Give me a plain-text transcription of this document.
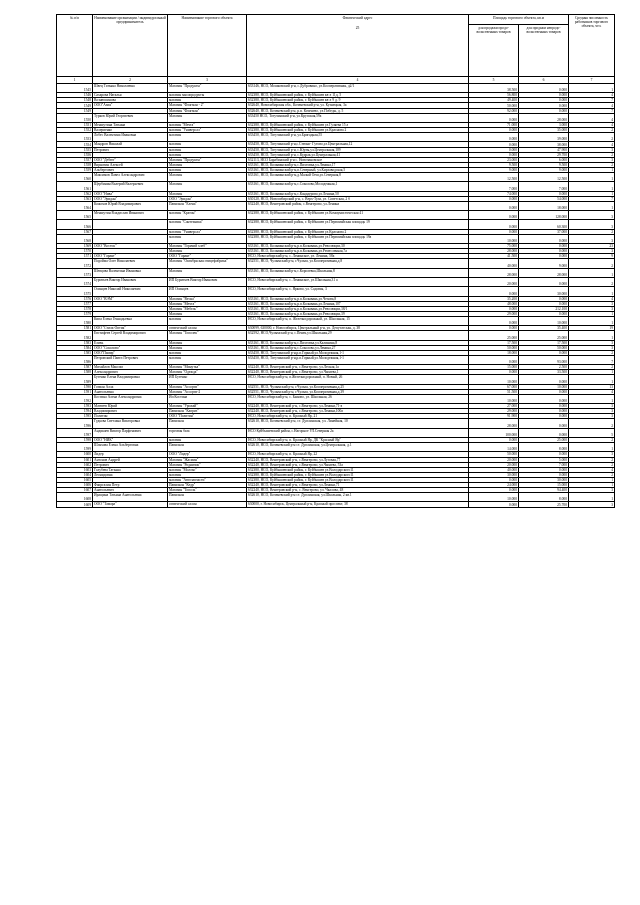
№ п/п	Наименование организации / индивидуальный предприниматель	Наименование торгового объекта	Фактический адрес
25	Площадь торгового объекта, кв.м		Средняя численность работников торгового объекта, чел.
				для продажи продо-вольственных товаров	для продажи непродо-вольственных товаров	
1	2	3	4	5	6	7
1545	Швец Татьяна Николаевна	Магазин "Продукты"	633146, НСО, Мошковский р-н, с.Дубровино, ул.Кооперативная, д2/1	38.500	0.000	1
1546	Сахарова Наталья	магазин мясопродукты	632380, НСО, Куйбышевский район, г. Куйбышев кв-л 11д, 5	56.800	0.000	4
1548	Вознюшинова	магазин	632380, НСО, Куйбышевский район, г. Куйбышев кв-л 9 д. 9	49.400	0.000	7
1549	ООО"Азия"	Магазин "Флагман - 2"	632640, Новосибирская обл., Коченевский р-н, ул. Кузнецкая, 3а	50.000	0.000	4
1549		Магазин "Флагман"	632640, НСО, Коченевский р-н, р.п. Коченево, ул.Победы, д. 5	92.000	0.000	7
1550	Турков Юрий Георгиевич	Магазин	633450 НСО, Тогучинский р-н, ул.Крупская,59а	0.000	28.000	4
1551	Меншутина Татьяна	магазин "Мечта"	632380, НСО, Куйбышевский район, г. Куйбышев ул.Гуляева 15 а	71.000	3.000	4
1552	Валериенко	магазин "Универсал"	632380, НСО, Куйбышевский район, г. Куйбышев ул.Краснова 2	0.000	35.000	2
1553	Лобес Валентина Ивановна	магазин	633450, НСО, Тогучинский р-н, ул.Бригадная,55	0.000	39.000	2
1554	Мандров Николай	магазин	633450, НСО, Тогучинский р-н,с.Степно- Гутово,ул.Центральная,12	0.000	38.000	4
1555	Петрович	магазин	633450, НСО, Тогучинский р-н, с.Юрты,ул.Центральная,109	0.000	47.900	3
1556		магазин	633450, НСО, Тогучинский р-н, с.Кудрак,ул.Центральная,41	0.000	29.700	2
1557	ООО "Дебют"	Магазин "Продукты"	632113, НСО Барабинский р-н с. Новочановское	23.000	6.000	3
1558	Вирнатин Алексей	Магазин	633161, НСО, Колыванский р-н,с.Пихтовка,ул.Ленина,17	9.500	9.500	2
1559	Альбертович	магазин	633161, НСО, Колыванский р-н,п.Северный, ул.Кирзаводская,5	9.000	9.000	1
1560	Максимов Павел Александрович	Магазин	633161, НСО, Колыванский р-н,д.Малый Оеш,ул.Северная,8	12.500	12.500	1
1561	Щербинин Валерий Валерьевич	Магазин	633161, НСО, Колыванский р-н,с.Соколово,Молодежная,1	7.000	7.000	1
1562	ООО "Нива"	Магазин	633161, НСО, Колыванский р-н,с.Кандаурово,ул.Ленина,50	74.000	0.000	1
1563	ООО "Эридан"	ООО "Эридан"	630120, НСО, Новосибирский р-н, с. Верх-Тула, ул. Советская, 2 б	0.000	54.000	7
1564	Кожохов Юрий Владимирович	Павильон "Елена"	632240, НСО, Венгеровский район, с.Венгерово, ул.Ленина	0.000	18.000	1
1565	Меншутин Владислав Иванович	магазин "Кратон"	632380, НСО, Куйбышевский район, г. Куйбышев ул.Коммунистическая 41	0.000	128.000	3
1566		магазин "Сантехника"	632380, НСО, Куйбышевский район, г. Куйбышев ул.Первомайская площадь 19	0.000	60.300	3
1567		магазин "Универсал"	632380, НСО, Куйбышевский район, г. Куйбышев ул.Краснова 2	0.000	37.000	2
1568		магазин	632380, НСО, Куйбышевский район, г. Куйбышев ул.Первомайская площадь 19а	10.000	0.000	3
1569	ООО "Восток"	Магазин "Горячий хлеб"	633161, НСО, Колыванский р-н,р.п.Колывань,ул.Революции,30	75.000	0.000	23
1570		Магазин	633161, НСО, Колыванский р-н,р.п.Колывань,ул.Ремесленная,7а	28.000	0.000	3
1571	ООО "Гарант"	ООО "Гарант"	НСО, Новосибирский р-н, с. Ленинское, ул. Ленина, 58а	41.500	0.000	9
1572	Подойма Олег Николаевич	Магазин "Октябрьская птицефабрика"	632551, НСО, Чулымский р-н, г.Чулым, ул.Кооперативная,д.8	40.000	9.000	2
1573	Шевцова Валентина Ивановна	Магазин	633161, НСО, Колыванский р-н,с.Королевка,Школьная,8	28.000	28.000	1
1574	Бурмтьев Виктор Иванович	ИП Бурмтьев Виктор Иванович	НСО, Новосибирский р-н, с. Ленинское, ул.Школьная,31 а	20.000	0.000	2
1575	Осинцев Николай Николаевич	ИП Осинцев	НСО, Новосибирский р-н, с. Ярково, ул. Садовая, 3	0.000	30.000	1
1576	ООО "ВЭМ"	Магазин "Весна"	633161, НСО, Колыванский р-н,р.п.Колывань,ул.Чехова,8	35.200	0.000	4
1577		Магазин "Мечта"	633161, НСО, Колыванский р-н,р.п.Колывань,ул.Ленина,107	48.000	0.000	3
1578		Магазин "Мебель"	633161, НСО, Колыванский р-н,р.п.Колывань,ул.Революции,38/1	0.000	212.100	3
1579		Магазин	633161, НСО, Колыванский р-н,р.п.Колывань,ул.Революции,39	29.000	0.000	1
1580	Кипа Елена Геннадьевна	магазин	НСО, Новосибирский р-н, п. Железнодорожный, ул. Школьная, 15	0.000	10.000	1
1581	ООО "Стиль-Оптик"	оптический салон	630099, 630000, г. Новосибирск, Центральный р-н, ул. Депутатская, д. 38	0.000	35.400	19
1582	Евстифеев Сергей Владимирович	Магазин "Тополек"	632592, НСО,Чулымский р-н, с.Пенек,ул.Школьная,29	25.000	25.000	1
1583	Еливь	Магазин	633161, НСО, Колыванский р-н,с.Пихтовка,ул.Калинина,8	17.500	17.500	3
1584	ООО "Соколово"	Магазин	633161, НСО, Колыванский р-н,с.Соколово,ул.Ленина,27	50.000	50.000	3
1585	ООО"Памир"	магазин	633450, НСО, Тогучинский р-н,р.п.Горный,ул.Молодежная,1-1	18.000	0.000	2
1586	Петровский Павел Петрович	магазин	633450, НСО, Тогучинский р-н,р.п.Горный,ул.Молодежная,1-1	0.000	93.000	7
1587	Михайлов Максим	Магазин "Минутка"	632240, НСО, Венгеровский р-н, с.Венгерово, ул.Лесная,1а	15.000	2.500	2
1588	Александрович	Магазин "Одежда"	632240, НСО, Венгеровский р-н, с.Венгерово, ул.Чапаева,1	0.000	33.500	1
1589	Бутенко Елена Владимировна	ИП Бутенко	НСО, Новосибирский р-н, п.Железнодорожный, п. Новый, 26	10.000	0.000	1
1590	Гозман Алла	Магазин "Ассорти"	632551, НСО, Чулымский р-н, г.Чулым, ул.Кооперативная,д.25	67.000	10.000	13
1591	Анатольевна	Магазин "Ассорти-2	632551, НСО, Чулымский р-н, г.Чулым, ул.Кооперативная,д.39	51.500	0.000	4
1592	Костина Алена Александровна	Ип Костина	НСО, Новосибирский р-н, с. Быково, ул. Школьная, 26	10.000	0.000	1
1593	Матвеев Юрий	Магазин "Урожай"	632240, НСО, Венгеровский р-н, с.Венгерово, ул.Ленина,71-а	27.000	0.000	3
1594	Владимирович	Павильон "Каприз"	632240, НСО, Венгеровский р-н, с.Венгерово, ул.Ленина,100а	29.000	0.000	3
1595	Политин	ООО "Политин"	НСО, Новосибирский р-н, п. Красный Яр, 21	91.900	0.000	3
1596	Гудкова Светлана Викторовна	Павильон	632610, НСО, Коченевский р-н, ст. Дуплинская, ул. Линейная, 10	28.000	0.000	2
1597	Андикаев Виктор Парфенович	торговая база	НСО Куйбышевский район, с.Нагорное УЛ.Северная 2а	100.000	0.000	5
1598	ООО "НИК"	магазин	НСО, Новосибирский р-н, п. Красный Яр, ДК "Красный Яр"	0.000	25.000	2
1599	Шляхова Елена Альбертовна	Павильон	632610, НСО, Коченевский р-н ст. Дуплинская, ул.Центральная, д.1	14.000	8.000	1
1600	Лидер	ООО "Лидер"	НСО, Новосибирский р-н, п. Красный Яр, 22	50.000	0.000	3
1601	Антонов Андрей	Магазин "Жасмин"	632240, НСО, Венгеровский р-н, с.Венгерово, ул.Луговая,77	20.000	5.000	2
1602	Петрович	Магазин "Родничок"	632240, НСО, Венгеровский р-н, с.Венгерово, ул.Чапаева, 53а	20.000	7.000	2
1603	Голубева Татьяна	магазин "Молоко"	632380, НСО, Куйбышевский район, г. Куйбышев ул.Володарского11	40.000	0.000	4
1604	Леонидовна	магазин	632380, НСО, Куйбышевский район, г. Куйбышев ул.Володарского11	30.000	0.000	2
1605		магазин "Автозапчасти"	632380, НСО, Куйбышевский район, г. Куйбышев ул.Володарского11	0.000	30.000	1
1606	Фаиргалин Петр	Павильон "Кедр"	632240, НСО, Венгеровский р-н, с.Венгерово, ул.Ленина,71	24.000	15.000	1
1607	Анатольевич	Магазин "Тополь"	632240, НСО, Венгеровский р-н, с. Венгерово, ул. Чкалова, 48	0.000	94.400	3
1608	Иращина Татьяна Анатольевна	Павильон	632610, НСО, Коченевский р-н ст. Дуплинская, ул.Школьная, 2 кв.1	10.000	8.000	1
1609	ООО "Тамара"	оптический салон	630000, г. Новосибирск, Центральный р-н, Красный проспект, 38	0.000	25.700	3
